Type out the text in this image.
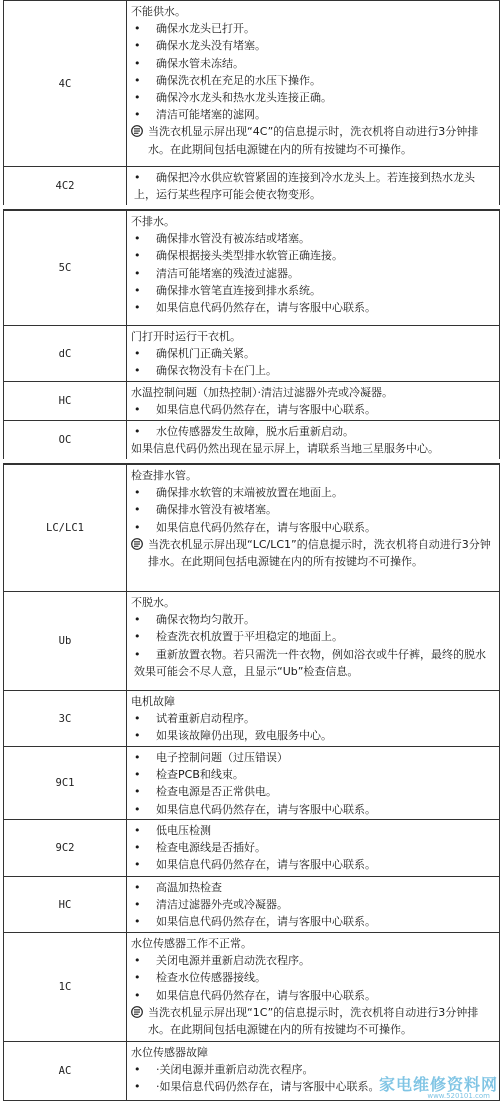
4C
不能供水。
• 确保水龙头已打开。
• 确保水龙头没有堵塞。
• 确保水管未冻结。
• 确保洗衣机在充足的水压下操作。
• 确保冷水龙头和热水龙头连接正确。
• 清洁可能堵塞的滤网。
当洗衣机显示屏出现“4C”的信息提示时，洗衣机将自动进行3分钟排水。在此期间包括电源键在内的所有按键均不可操作。
4C2
• 确保把冷水供应软管紧固的连接到冷水龙头上。若连接到热水龙头上，运行某些程序可能会使衣物变形。
5C
不排水。
• 确保排水管没有被冻结或堵塞。
• 确保根据接头类型排水软管正确连接。
• 清洁可能堵塞的残渣过滤器。
• 确保排水管笔直连接到排水系统。
• 如果信息代码仍然存在，请与客服中心联系。
dC
门打开时运行干衣机。
• 确保机门正确关紧。
• 确保衣物没有卡在门上。
HC
水温控制问题（加热控制）·清洁过滤器外壳或冷凝器。
• 如果信息代码仍然存在，请与客服中心联系。
OC
• 水位传感器发生故障，脱水后重新启动。
如果信息代码仍然出现在显示屏上，请联系当地三星服务中心。
LC/LC1
检查排水管。
• 确保排水软管的末端被放置在地面上。
• 确保排水管没有被堵塞。
• 如果信息代码仍然存在，请与客服中心联系。
当洗衣机显示屏出现“LC/LC1”的信息提示时，洗衣机将自动进行3分钟排水。在此期间包括电源键在内的所有按键均不可操作。
Ub
不脱水。
• 确保衣物均匀散开。
• 检查洗衣机放置于平坦稳定的地面上。
• 重新放置衣物。若只需洗一件衣物，例如浴衣或牛仔裤，最终的脱水效果可能会不尽人意，且显示“Ub”检查信息。
3C
电机故障
• 试着重新启动程序。
• 如果该故障仍出现，致电服务中心。
9C1
• 电子控制问题（过压错误）
• 检查PCB和线束。
• 检查电源是否正常供电。
• 如果信息代码仍然存在，请与客服中心联系。
9C2
• 低电压检测
• 检查电源线是否插好。
• 如果信息代码仍然存在，请与客服中心联系。
HC
• 高温加热检查
• 清洁过滤器外壳或冷凝器。
• 如果信息代码仍然存在，请与客服中心联系。
1C
水位传感器工作不正常。
• 关闭电源并重新启动洗衣程序。
• 检查水位传感器接线。
• 如果信息代码仍然存在，请与客服中心联系。
当洗衣机显示屏出现“1C”的信息提示时，洗衣机将自动进行3分钟排水。在此期间包括电源键在内的所有按键均不可操作。
AC
水位传感器故障
• ·关闭电源并重新启动洗衣程序。
• ·如果信息代码仍然存在，请与客服中心联系。 家电维修资料网
www.520101.com
